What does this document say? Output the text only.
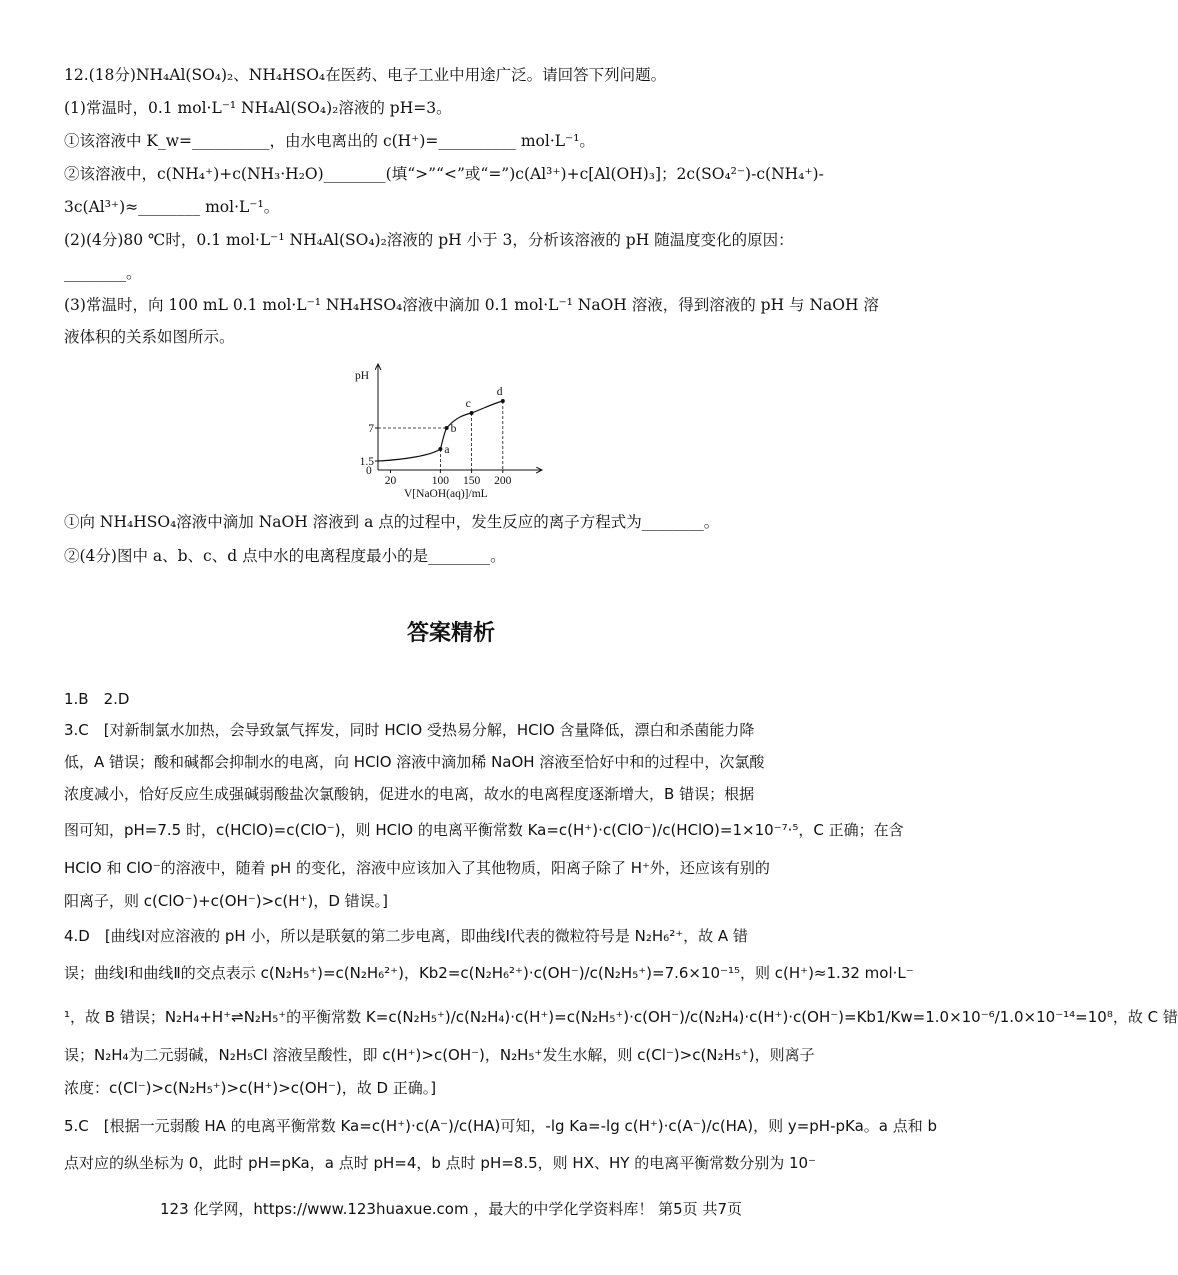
12.(18分)NH₄Al(SO₄)₂、NH₄HSO₄在医药、电子工业中用途广泛。请回答下列问题。
(1)常温时，0.1 mol·L⁻¹ NH₄Al(SO₄)₂溶液的 pH=3。
①该溶液中 K_w=__________，由水电离出的 c(H⁺)=__________ mol·L⁻¹。
②该溶液中，c(NH₄⁺)+c(NH₃·H₂O)________(填“>”“<”或“=”)c(Al³⁺)+c[Al(OH)₃]；2c(SO₄²⁻)-c(NH₄⁺)-
3c(Al³⁺)≈________ mol·L⁻¹。
(2)(4分)80 ℃时，0.1 mol·L⁻¹ NH₄Al(SO₄)₂溶液的 pH 小于 3，分析该溶液的 pH 随温度变化的原因：
________。
(3)常温时，向 100 mL 0.1 mol·L⁻¹ NH₄HSO₄溶液中滴加 0.1 mol·L⁻¹ NaOH 溶液，得到溶液的 pH 与 NaOH 溶
液体积的关系如图所示。
1.5
7
20	100 150 200
a
b
c
d
pH
0
V[NaOH(aq)]/mL
①向 NH₄HSO₄溶液中滴加 NaOH 溶液到 a 点的过程中，发生反应的离子方程式为________。
②(4分)图中 a、b、c、d 点中水的电离程度最小的是________。
答案精析
1.B　2.D
3.C　[对新制氯水加热，会导致氯气挥发，同时 HClO 受热易分解，HClO 含量降低，漂白和杀菌能力降
低，A 错误；酸和碱都会抑制水的电离，向 HClO 溶液中滴加稀 NaOH 溶液至恰好中和的过程中，次氯酸
浓度减小，恰好反应生成强碱弱酸盐次氯酸钠，促进水的电离，故水的电离程度逐渐增大，B 错误；根据
图可知，pH=7.5 时，c(HClO)=c(ClO⁻)，则 HClO 的电离平衡常数 Ka=c(H⁺)·c(ClO⁻)/c(HClO)=1×10⁻⁷·⁵，C 正确；在含
HClO 和 ClO⁻的溶液中，随着 pH 的变化，溶液中应该加入了其他物质，阳离子除了 H⁺外，还应该有别的
阳离子，则 c(ClO⁻)+c(OH⁻)>c(H⁺)，D 错误。]
4.D　[曲线Ⅰ对应溶液的 pH 小，所以是联氨的第二步电离，即曲线Ⅰ代表的微粒符号是 N₂H₆²⁺，故 A 错
误；曲线Ⅰ和曲线Ⅱ的交点表示 c(N₂H₅⁺)=c(N₂H₆²⁺)，Kb2=c(N₂H₆²⁺)·c(OH⁻)/c(N₂H₅⁺)=7.6×10⁻¹⁵，则 c(H⁺)≈1.32 mol·L⁻
¹，故 B 错误；N₂H₄+H⁺⇌N₂H₅⁺的平衡常数 K=c(N₂H₅⁺)/c(N₂H₄)·c(H⁺)=c(N₂H₅⁺)·c(OH⁻)/c(N₂H₄)·c(H⁺)·c(OH⁻)=Kb1/Kw=1.0×10⁻⁶/1.0×10⁻¹⁴=10⁸，故 C 错
误；N₂H₄为二元弱碱，N₂H₅Cl 溶液呈酸性，即 c(H⁺)>c(OH⁻)，N₂H₅⁺发生水解，则 c(Cl⁻)>c(N₂H₅⁺)，则离子
浓度：c(Cl⁻)>c(N₂H₅⁺)>c(H⁺)>c(OH⁻)，故 D 正确。]
5.C　[根据一元弱酸 HA 的电离平衡常数 Ka=c(H⁺)·c(A⁻)/c(HA)可知，-lg Ka=-lg c(H⁺)·c(A⁻)/c(HA)，则 y=pH-pKa。a 点和 b
点对应的纵坐标为 0，此时 pH=pKa，a 点时 pH=4，b 点时 pH=8.5，则 HX、HY 的电离平衡常数分别为 10⁻
123 化学网，https://www.123huaxue.com ，最大的中学化学资料库！ 第5页 共7页
